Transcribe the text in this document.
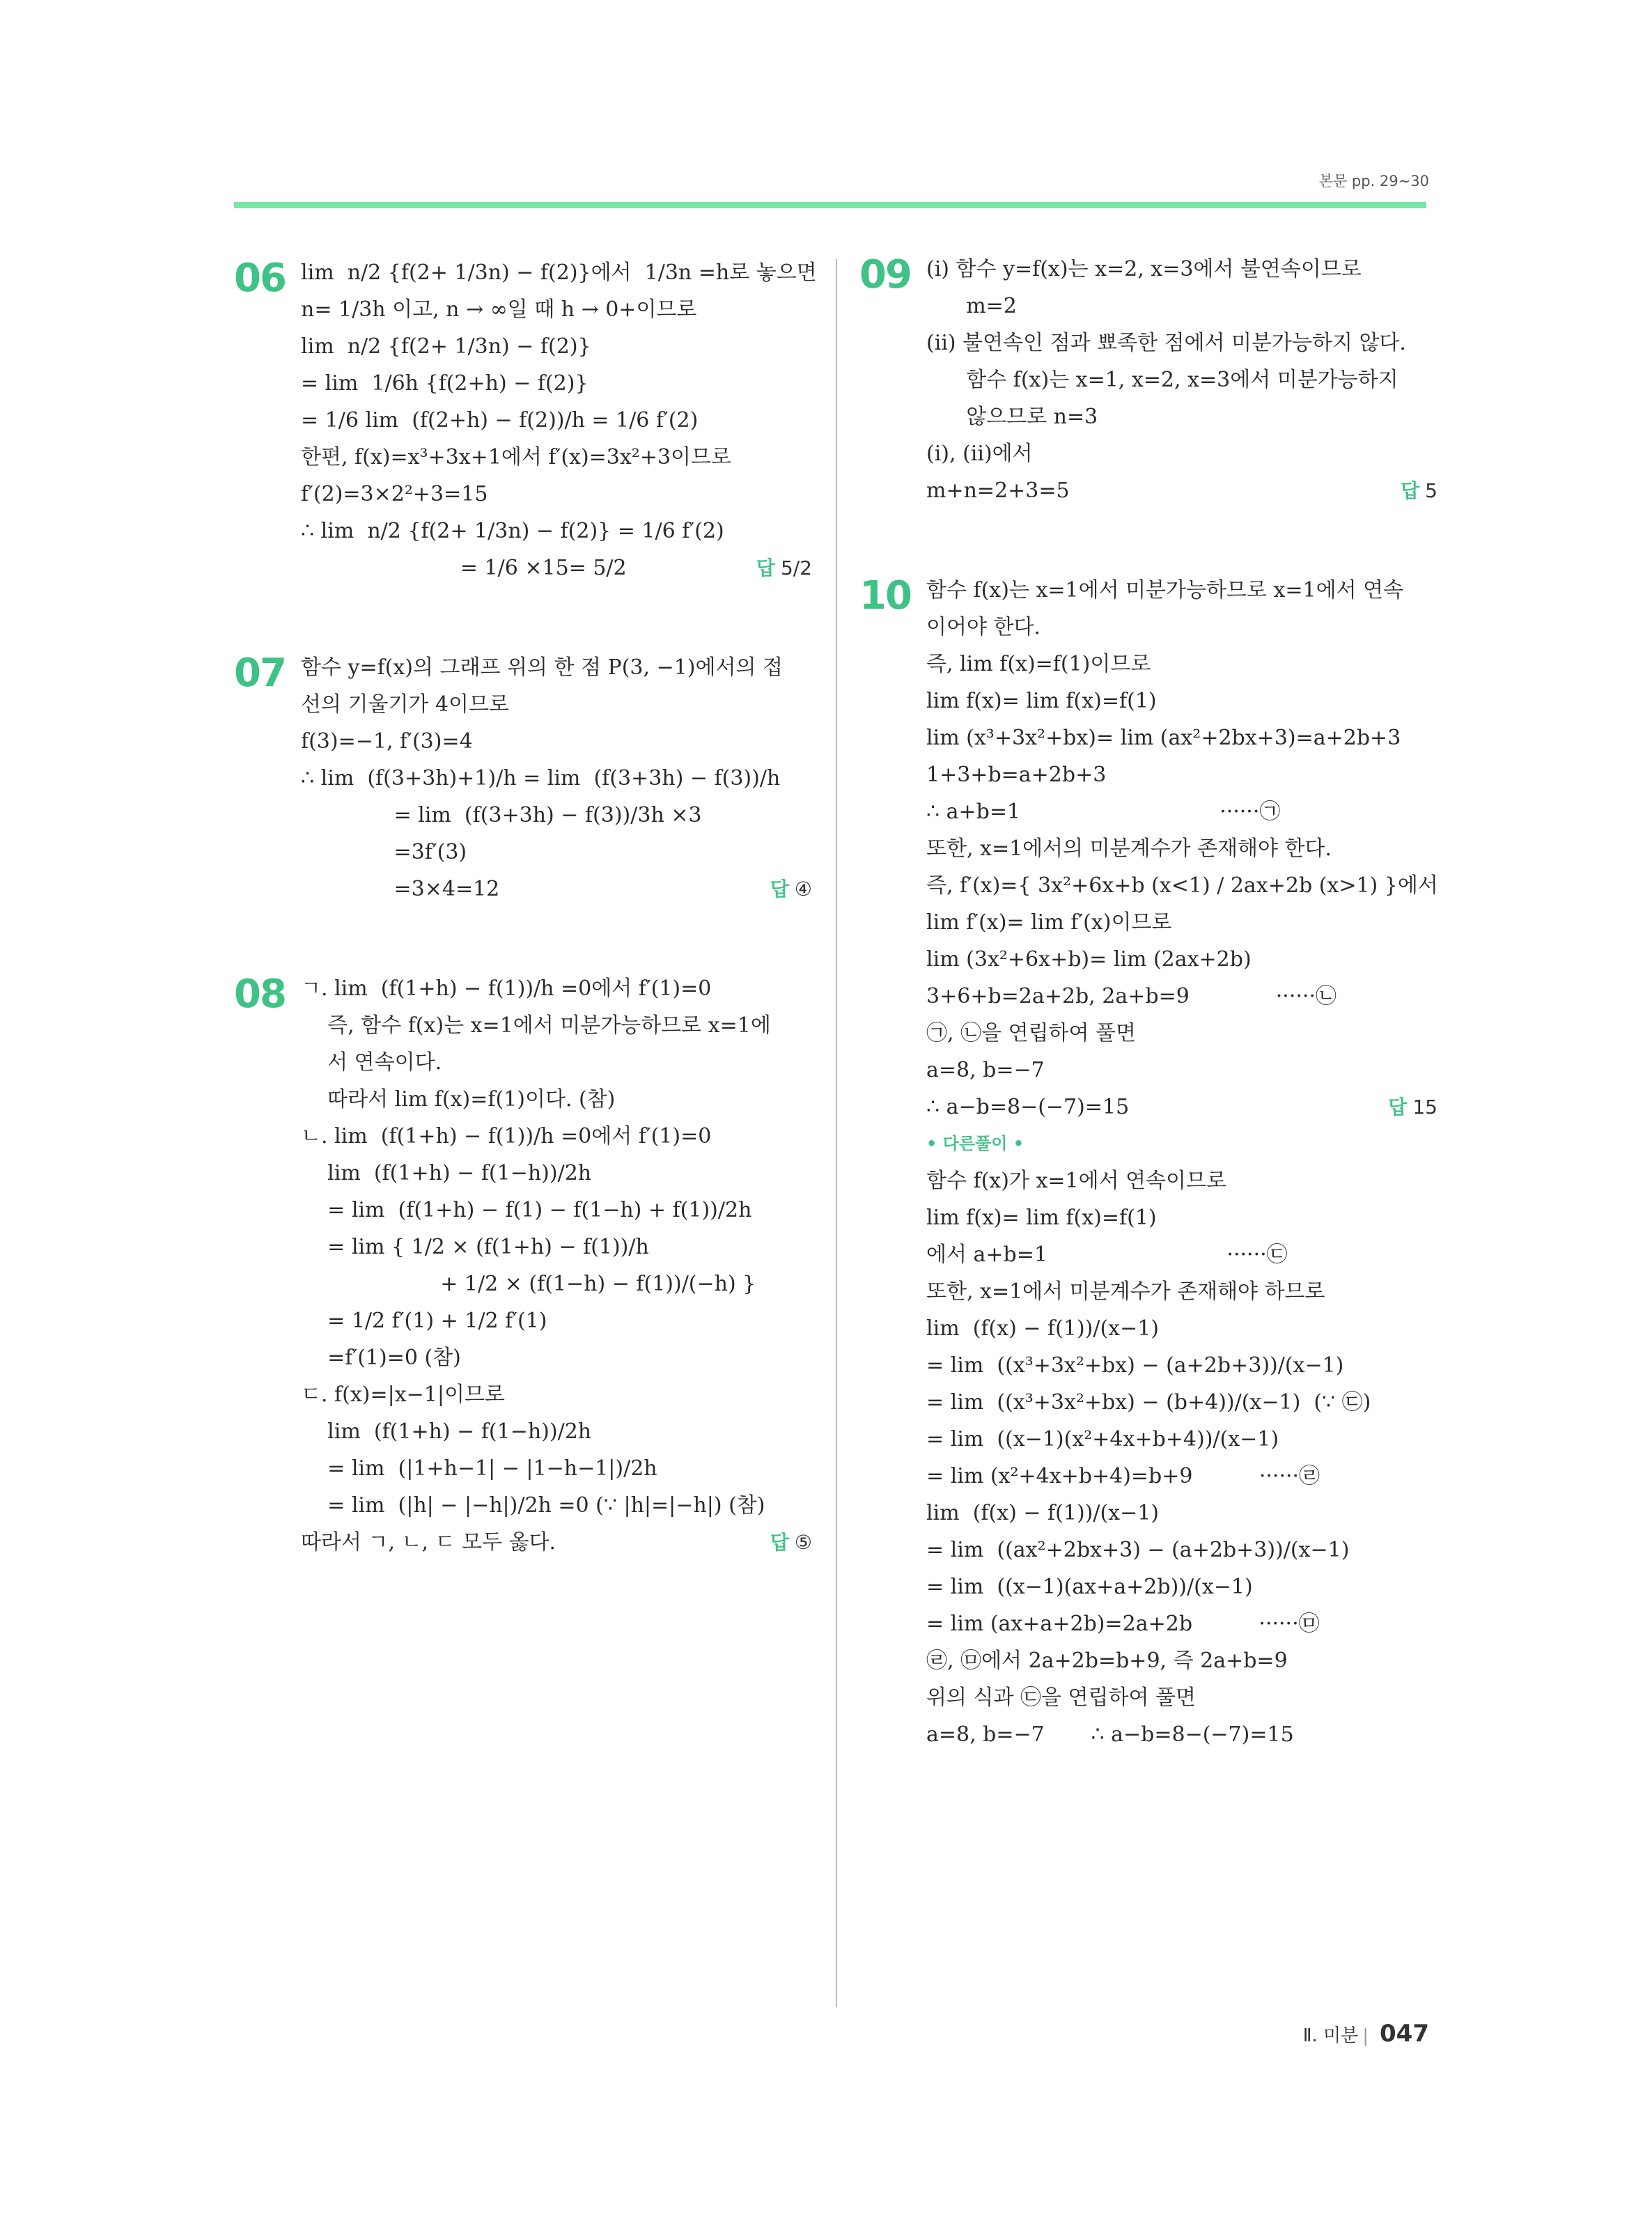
본문 pp. 29~30
06 lim  n/2 {f(2+ 1/3n) − f(2)}에서  1/3n =h로 놓으면
n= 1/3h 이고, n → ∞일 때 h → 0+이므로
lim  n/2 {f(2+ 1/3n) − f(2)}
= lim  1/6h {f(2+h) − f(2)}
= 1/6 lim  (f(2+h) − f(2))/h = 1/6 f′(2)
한편, f(x)=x³+3x+1에서 f′(x)=3x²+3이므로
f′(2)=3×2²+3=15
∴ lim  n/2 {f(2+ 1/3n) − f(2)} = 1/6 f′(2)
= 1/6 ×15= 5/2	답 5/2
07 함수 y=f(x)의 그래프 위의 한 점 P(3, −1)에서의 접
선의 기울기가 4이므로
f(3)=−1, f′(3)=4
∴ lim  (f(3+3h)+1)/h = lim  (f(3+3h) − f(3))/h
= lim  (f(3+3h) − f(3))/3h ×3
=3f′(3)
=3×4=12	답 ④
08 ㄱ. lim  (f(1+h) − f(1))/h =0에서 f′(1)=0
즉, 함수 f(x)는 x=1에서 미분가능하므로 x=1에
서 연속이다.
따라서 lim f(x)=f(1)이다. (참)
ㄴ. lim  (f(1+h) − f(1))/h =0에서 f′(1)=0
lim  (f(1+h) − f(1−h))/2h
= lim  (f(1+h) − f(1) − f(1−h) + f(1))/2h
= lim { 1/2 × (f(1+h) − f(1))/h
+ 1/2 × (f(1−h) − f(1))/(−h) }
= 1/2 f′(1) + 1/2 f′(1)
=f′(1)=0 (참)
ㄷ. f(x)=|x−1|이므로
lim  (f(1+h) − f(1−h))/2h
= lim  (|1+h−1| − |1−h−1|)/2h
= lim  (|h| − |−h|)/2h =0 (∵ |h|=|−h|) (참)
따라서 ㄱ, ㄴ, ㄷ 모두 옳다.	답 ⑤
09 (ⅰ) 함수 y=f(x)는 x=2, x=3에서 불연속이므로
m=2
(ⅱ) 불연속인 점과 뾰족한 점에서 미분가능하지 않다.
함수 f(x)는 x=1, x=2, x=3에서 미분가능하지
않으므로 n=3
(ⅰ), (ⅱ)에서
m+n=2+3=5	답 5
10 함수 f(x)는 x=1에서 미분가능하므로 x=1에서 연속
이어야 한다.
즉, lim f(x)=f(1)이므로
lim f(x)= lim f(x)=f(1)
lim (x³+3x²+bx)= lim (ax²+2bx+3)=a+2b+3
1+3+b=a+2b+3
∴ a+b=1                              ······㉠
또한, x=1에서의 미분계수가 존재해야 한다.
즉, f′(x)={ 3x²+6x+b (x<1) / 2ax+2b (x>1) }에서
lim f′(x)= lim f′(x)이므로
lim (3x²+6x+b)= lim (2ax+2b)
3+6+b=2a+2b, 2a+b=9             ······㉡
㉠, ㉡을 연립하여 풀면
a=8, b=−7
∴ a−b=8−(−7)=15	답 15
• 다른풀이 •
함수 f(x)가 x=1에서 연속이므로
lim f(x)= lim f(x)=f(1)
에서 a+b=1                           ······㉢
또한, x=1에서 미분계수가 존재해야 하므로
lim  (f(x) − f(1))/(x−1)
= lim  ((x³+3x²+bx) − (a+2b+3))/(x−1)
= lim  ((x³+3x²+bx) − (b+4))/(x−1)  (∵ ㉢)
= lim  ((x−1)(x²+4x+b+4))/(x−1)
= lim (x²+4x+b+4)=b+9          ······㉣
lim  (f(x) − f(1))/(x−1)
= lim  ((ax²+2bx+3) − (a+2b+3))/(x−1)
= lim  ((x−1)(ax+a+2b))/(x−1)
= lim (ax+a+2b)=2a+2b          ······㉤
㉣, ㉤에서 2a+2b=b+9, 즉 2a+b=9
위의 식과 ㉢을 연립하여 풀면
a=8, b=−7       ∴ a−b=8−(−7)=15
Ⅱ. 미분 | 047
